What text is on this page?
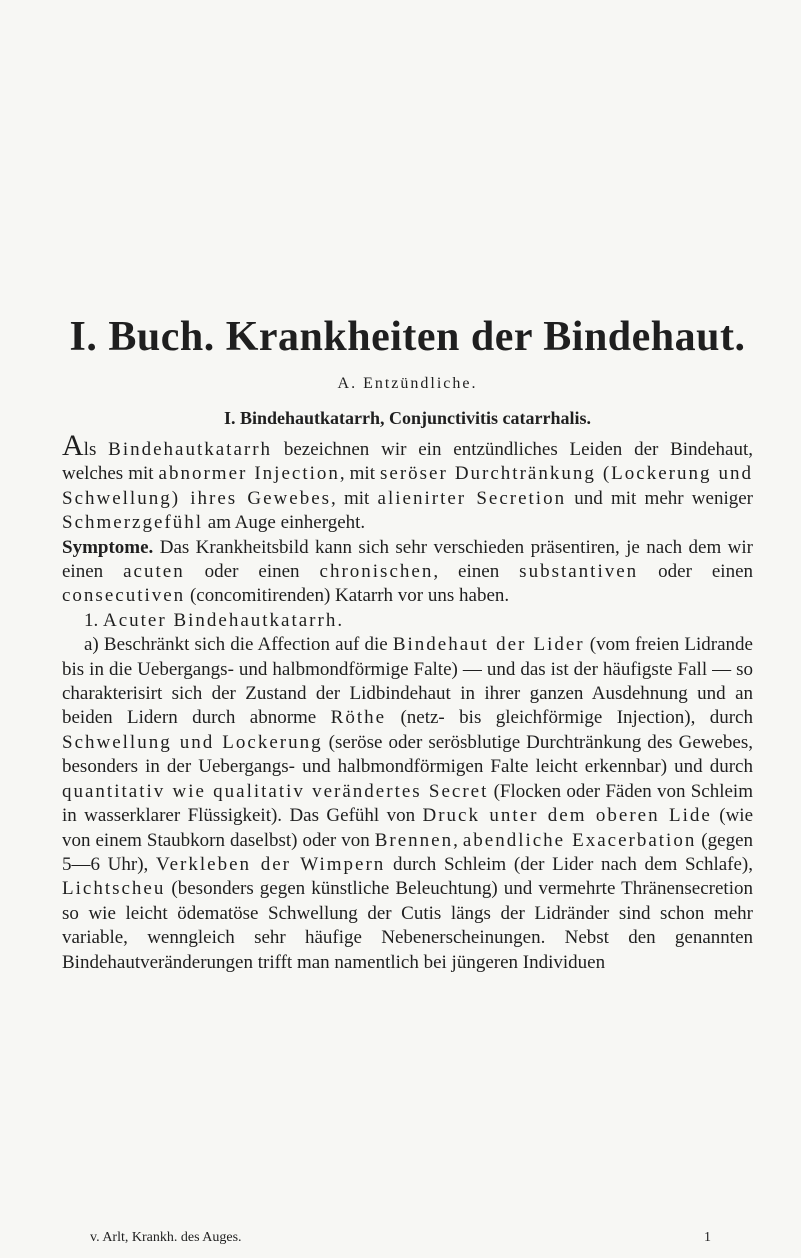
I. Buch. Krankheiten der Bindehaut.
A. Entzündliche.
I. Bindehautkatarrh, Conjunctivitis catarrhalis.

Als Bindehautkatarrh bezeichnen wir ein entzündliches Leiden der Bindehaut, welches mit abnormer Injection, mit seröser Durchtränkung (Lockerung und Schwellung) ihres Gewebes, mit alienirter Secretion und mit mehr weniger Schmerzgefühl am Auge einhergeht.

Symptome. Das Krankheitsbild kann sich sehr verschieden präsentiren, je nach dem wir einen acuten oder einen chronischen, einen substantiven oder einen consecutiven (concomitirenden) Katarrh vor uns haben.

1. Acuter Bindehautkatarrh.

a) Beschränkt sich die Affection auf die Bindehaut der Lider (vom freien Lidrande bis in die Uebergangs- und halbmondförmige Falte) — und das ist der häufigste Fall — so charakterisirt sich der Zustand der Lidbindehaut in ihrer ganzen Ausdehnung und an beiden Lidern durch abnorme Röthe (netz- bis gleichförmige Injection), durch Schwellung und Lockerung (seröse oder serösblutige Durchtränkung des Gewebes, besonders in der Uebergangs- und halbmondförmigen Falte leicht erkennbar) und durch quantitativ wie qualitativ verändertes Secret (Flocken oder Fäden von Schleim in wasserklarer Flüssigkeit). Das Gefühl von Druck unter dem oberen Lide (wie von einem Staubkorn daselbst) oder von Brennen, abendliche Exacerbation (gegen 5—6 Uhr), Verkleben der Wimpern durch Schleim (der Lider nach dem Schlafe), Lichtscheu (besonders gegen künstliche Beleuchtung) und vermehrte Thränensecretion so wie leicht ödematöse Schwellung der Cutis längs der Lidränder sind schon mehr variable, wenngleich sehr häufige Nebenerscheinungen. Nebst den genannten Bindehautveränderungen trifft man namentlich bei jüngeren Individuen

v. Arlt, Krankh. des Auges.	1
